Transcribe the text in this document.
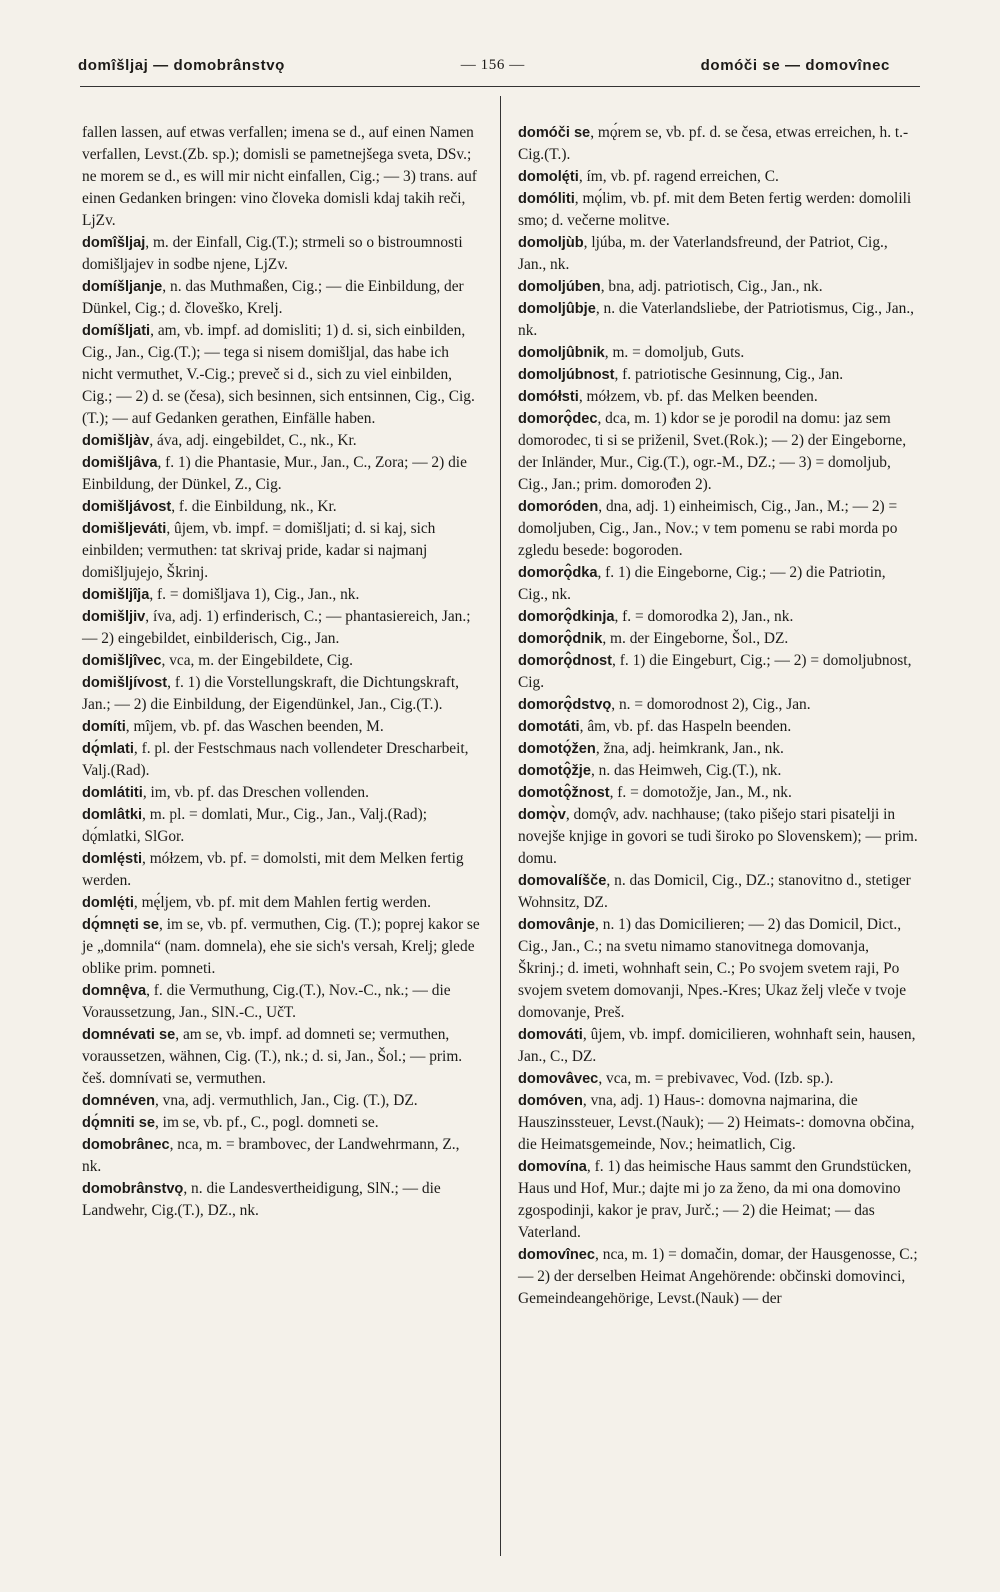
domîšljaj — domobrânstvǫ	— 156 —	domóči se — domovînec

fallen lassen, auf etwas verfallen; imena se d., auf einen Namen verfallen, Levst.(Zb. sp.); domisli se pametnejšega sveta, DSv.; ne morem se d., es will mir nicht einfallen, Cig.; — 3) trans. auf einen Gedanken bringen: vino človeka domisli kdaj takih reči, LjZv.

domîšljaj, m. der Einfall, Cig.(T.); strmeli so o bistroumnosti domišljajev in sodbe njene, LjZv.

domíšljanje, n. das Muthmaßen, Cig.; — die Einbildung, der Dünkel, Cig.; d. človeško, Krelj.

domíšljati, am, vb. impf. ad domisliti; 1) d. si, sich einbilden, Cig., Jan., Cig.(T.); — tega si nisem domišljal, das habe ich nicht vermuthet, V.-Cig.; preveč si d., sich zu viel einbilden, Cig.; — 2) d. se (česa), sich besinnen, sich entsinnen, Cig., Cig.(T.); — auf Gedanken gerathen, Einfälle haben.

domišljàv, áva, adj. eingebildet, C., nk., Kr.

domišljâva, f. 1) die Phantasie, Mur., Jan., C., Zora; — 2) die Einbildung, der Dünkel, Z., Cig.

domišljávost, f. die Einbildung, nk., Kr.

domišljeváti, ûjem, vb. impf. = domišljati; d. si kaj, sich einbilden; vermuthen: tat skrivaj pride, kadar si najmanj domišljujejo, Škrinj.

domišljîja, f. = domišljava 1), Cig., Jan., nk.

domišljiv, íva, adj. 1) erfinderisch, C.; — phantasiereich, Jan.; — 2) eingebildet, einbilderisch, Cig., Jan.

domišljîvec, vca, m. der Eingebildete, Cig.

domišljívost, f. 1) die Vorstellungskraft, die Dichtungskraft, Jan.; — 2) die Einbildung, der Eigendünkel, Jan., Cig.(T.).

domíti, mîjem, vb. pf. das Waschen beenden, M.

dǫ́mlati, f. pl. der Festschmaus nach vollendeter Drescharbeit, Valj.(Rad).

domlátiti, im, vb. pf. das Dreschen vollenden.

domlâtki, m. pl. = domlati, Mur., Cig., Jan., Valj.(Rad); dǫ́mlatki, SlGor.

domlę́sti, mółzem, vb. pf. = domolsti, mit dem Melken fertig werden.

domlę́ti, mę́ljem, vb. pf. mit dem Mahlen fertig werden.

dǫ́mnęti se, im se, vb. pf. vermuthen, Cig. (T.); poprej kakor se je „domnila“ (nam. domnela), ehe sie sich's versah, Krelj; glede oblike prim. pomneti.

domnę̂va, f. die Vermuthung, Cig.(T.), Nov.-C., nk.; — die Voraussetzung, Jan., SlN.-C., UčT.

domnévati se, am se, vb. impf. ad domneti se; vermuthen, voraussetzen, wähnen, Cig. (T.), nk.; d. si, Jan., Šol.; — prim. češ. domnívati se, vermuthen.

domnéven, vna, adj. vermuthlich, Jan., Cig. (T.), DZ.

dǫ́mniti se, im se, vb. pf., C., pogl. domneti se.

domobrânec, nca, m. = brambovec, der Landwehrmann, Z., nk.

domobrânstvǫ, n. die Landesvertheidigung, SlN.; — die Landwehr, Cig.(T.), DZ., nk.

domóči se, mǫ́rem se, vb. pf. d. se česa, etwas erreichen, h. t.-Cig.(T.).

domolę́ti, ím, vb. pf. ragend erreichen, C.

domóliti, mǫ́lim, vb. pf. mit dem Beten fertig werden: domolili smo; d. večerne molitve.

domoljùb, ljúba, m. der Vaterlandsfreund, der Patriot, Cig., Jan., nk.

domoljúben, bna, adj. patriotisch, Cig., Jan., nk.

domoljûbje, n. die Vaterlandsliebe, der Patriotismus, Cig., Jan., nk.

domoljûbnik, m. = domoljub, Guts.

domoljúbnost, f. patriotische Gesinnung, Cig., Jan.

domółsti, mółzem, vb. pf. das Melken beenden.

domorǫ̂dec, dca, m. 1) kdor se je porodil na domu: jaz sem domorodec, ti si se priženil, Svet.(Rok.); — 2) der Eingeborne, der Inländer, Mur., Cig.(T.), ogr.-M., DZ.; — 3) = domoljub, Cig., Jan.; prim. domorođen 2).

domoróden, dna, adj. 1) einheimisch, Cig., Jan., M.; — 2) = domoljuben, Cig., Jan., Nov.; v tem pomenu se rabi morda po zgledu besede: bogoroden.

domorǫ̂dka, f. 1) die Eingeborne, Cig.; — 2) die Patriotin, Cig., nk.

domorǫ̂dkinja, f. = domorodka 2), Jan., nk.

domorǫ̂dnik, m. der Eingeborne, Šol., DZ.

domorǫ̂dnost, f. 1) die Eingeburt, Cig.; — 2) = domoljubnost, Cig.

domorǫ̂dstvǫ, n. = domorodnost 2), Cig., Jan.

domotáti, âm, vb. pf. das Haspeln beenden.

domotǫ́žen, žna, adj. heimkrank, Jan., nk.

domotǫ̂žje, n. das Heimweh, Cig.(T.), nk.

domotǫ̂žnost, f. = domotožje, Jan., M., nk.

domǫ̀v, domǫ̂v, adv. nachhause; (tako pišejo stari pisatelji in novejše knjige in govori se tudi široko po Slovenskem); — prim. domu.

domovalíšče, n. das Domicil, Cig., DZ.; stanovitno d., stetiger Wohnsitz, DZ.

domovânje, n. 1) das Domicilieren; — 2) das Domicil, Dict., Cig., Jan., C.; na svetu nimamo stanovitnega domovanja, Škrinj.; d. imeti, wohnhaft sein, C.; Po svojem svetem raji, Po svojem svetem domovanji, Npes.-Kres; Ukaz želj vleče v tvoje domovanje, Preš.

domováti, ûjem, vb. impf. domicilieren, wohnhaft sein, hausen, Jan., C., DZ.

domovâvec, vca, m. = prebivavec, Vod. (Izb. sp.).

domóven, vna, adj. 1) Haus-: domovna najmarina, die Hauszinssteuer, Levst.(Nauk); — 2) Heimats-: domovna občina, die Heimatsgemeinde, Nov.; heimatlich, Cig.

domovína, f. 1) das heimische Haus sammt den Grundstücken, Haus und Hof, Mur.; dajte mi jo za ženo, da mi ona domovino zgospodinji, kakor je prav, Jurč.; — 2) die Heimat; — das Vaterland.

domovînec, nca, m. 1) = domačin, domar, der Hausgenosse, C.; — 2) der derselben Heimat Angehörende: občinski domovinci, Gemeindeangehörige, Levst.(Nauk) — der
